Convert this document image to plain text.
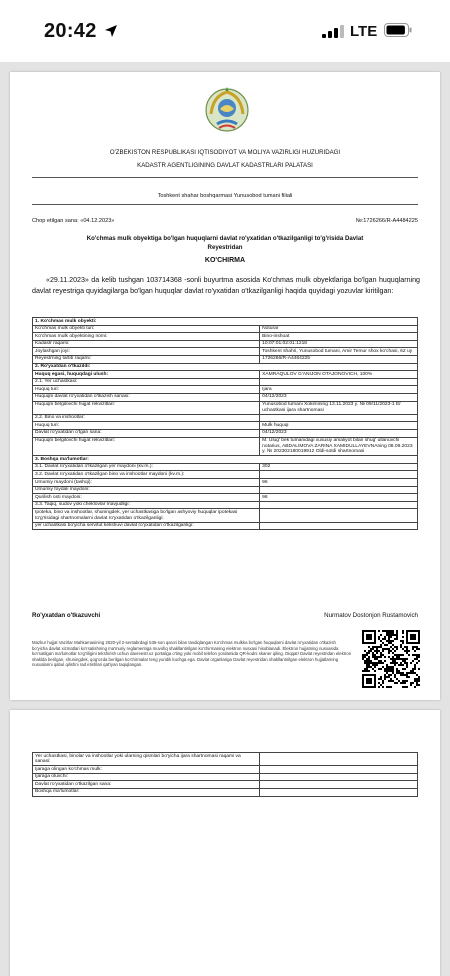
20:42	LTE
O'ZBEKISTON RESPUBLIKASI IQTISODIYOT VA MOLIYA VAZIRLIGI HUZURIDAGI
KADASTR AGENTLIGINING DAVLAT KADASTRLARI PALATASI
Toshkent shahar boshqarmasi Yunusobod tumani filiali
Chop etilgan sana: «04.12.2023»	№:1726266/R-A4484225
Ko'chmas mulk obyektiga bo'lgan huquqlarni davlat ro'yxatidan o'tkazilganligi to'g'risida Davlat
Reyestridan
KO'CHIRMA
«29.11.2023» da kelib tushgan 103714368 -sonli buyurtma asosida Ko'chmas mulk obyektlariga bo'lgan huquqlarning davlat reyestriga quyidagilarga bo'lgan huquqlar davlat ro'yxatidan o'tkazilganligi haqida quyidagi yozuvlar kiritilgan:
1. Ko'chmas mulk obyekti:	
Ko'chmas mulk obyekti turi:	Noturar
Ko'chmas mulk obyektining nomi:	Bino-inshoat
Kadastr raqami:	10:07:01:02:01:1218
Joylashgan joyi:	Toshkent shahri, Yunusobod tumani, Amir Temur shox ko'chasi, 62 uy
Reyestrning tartib raqami:	1726266/R-A4484225
2. Ro'yxatdan o'tkazildi:	
Huquq egasi, huquqdagi ulush:	XAMRAQULOV G'ANIJON OTAJONOVICH, 100%
2.1. Yer uchastkasi:	
Huquq turi:	Ijara
Huquqni davlat ro'yxatidan o'tkazish sanasi:	04/12/2023
Huquqni belgilovchi hujjat rekvizitlari:	Yunusobod tumani Xokimining 13.11.2023 y. № 09/11/2023-1 Er uchastkasi ijara shartnomasi
2.2. Bino va inshootlar:	
Huquq turi:	Mulk huquqi
Davlat ro'yxatidan o'tgan sana:	04/12/2023
Huquqni belgilovchi hujjat rekvizitlari:	M. Ulug' bek tumanidagi xususiy amaliyot bilan shug' ullanuvchi notarius, ABDALIMOVA ZARINA XAMIDULLAYEVNAning 08.09.2023 y. № 202302180019912 Oldi-sotdi shartnomasi
3. Boshqa ma'lumotlar:	
3.1. Davlat ro'yxatidan o'tkazilgan yer maydoni (kv.m.):	302
3.2. Davlat ro'yxatidan o'tkazilgan bino va inshootlar maydoni (kv.m.):	
Umumiy maydoni (tashqi):	96
Umumiy foydali maydoni:	
Qurilish osti maydoni:	96
3.3. Taqiq, sudov yoki cheklovlar mavjudligi:	
Ipoteka, bino va inshootlar, shuningdek, yer uchastkasiga bo'lgan ashyoviy huquqlar ipotekasi to'g'risidagi shartnomalarni davlat ro'yxatidan o'tkazilganligi:	
yer uchastkasi bo'yicha servitut kelishuvi davlat ro'yxatidan o'tkazilganligi:	
Ro'yxatdan o'tkazuvchi	Nurmatov Dostonjon Rustamovich
Mazkur hujjat Vazirlar Mahkamasining 2020-yil 2-sentabrdagi 535-son qarori bilan tasdiqlangan Ko'chmas mulkka bo'lgan huquqlarni davlat ro'yxatidan o'tkazish bo'yicha davlat xizmatlari ko'rsatishning ma'muriy reglamentiga muvofiq shakllantirilgan ko'chirmaning elektron nusxasi hisoblanadi. Elektron hujjatning nusxasida ko'rsatilgan ma'lumotlar to'g'riligini tekshirish uchun davreestr.uz portaliga o'ting yoki mobil telefon yordamida QR-kodni skaner qiling. Diqqat! Davlat reyestridan elektron shaklda berilgan, shuningdek, qog'ozda berilgan ko'chirmalar teng yuridik kuchga ega. Davlat organlariga Davlat reyestridan shakllantirilgan elektron hujjatlarning nusxalarini qabul qilishni rad etishlari qat'iyan taqiqlangan.
Yer uchastkasi, binolar va inshootlar yoki ularning qismlari bo'yicha ijara shartnomasi raqami va sanasi:	
Ijaraga olingan ko'chmas mulk:	
Ijaraga oluvchi:	
Davlat ro'yxatidan o'tkazilgan sana:	
Boshqa ma'lumotlar:	
